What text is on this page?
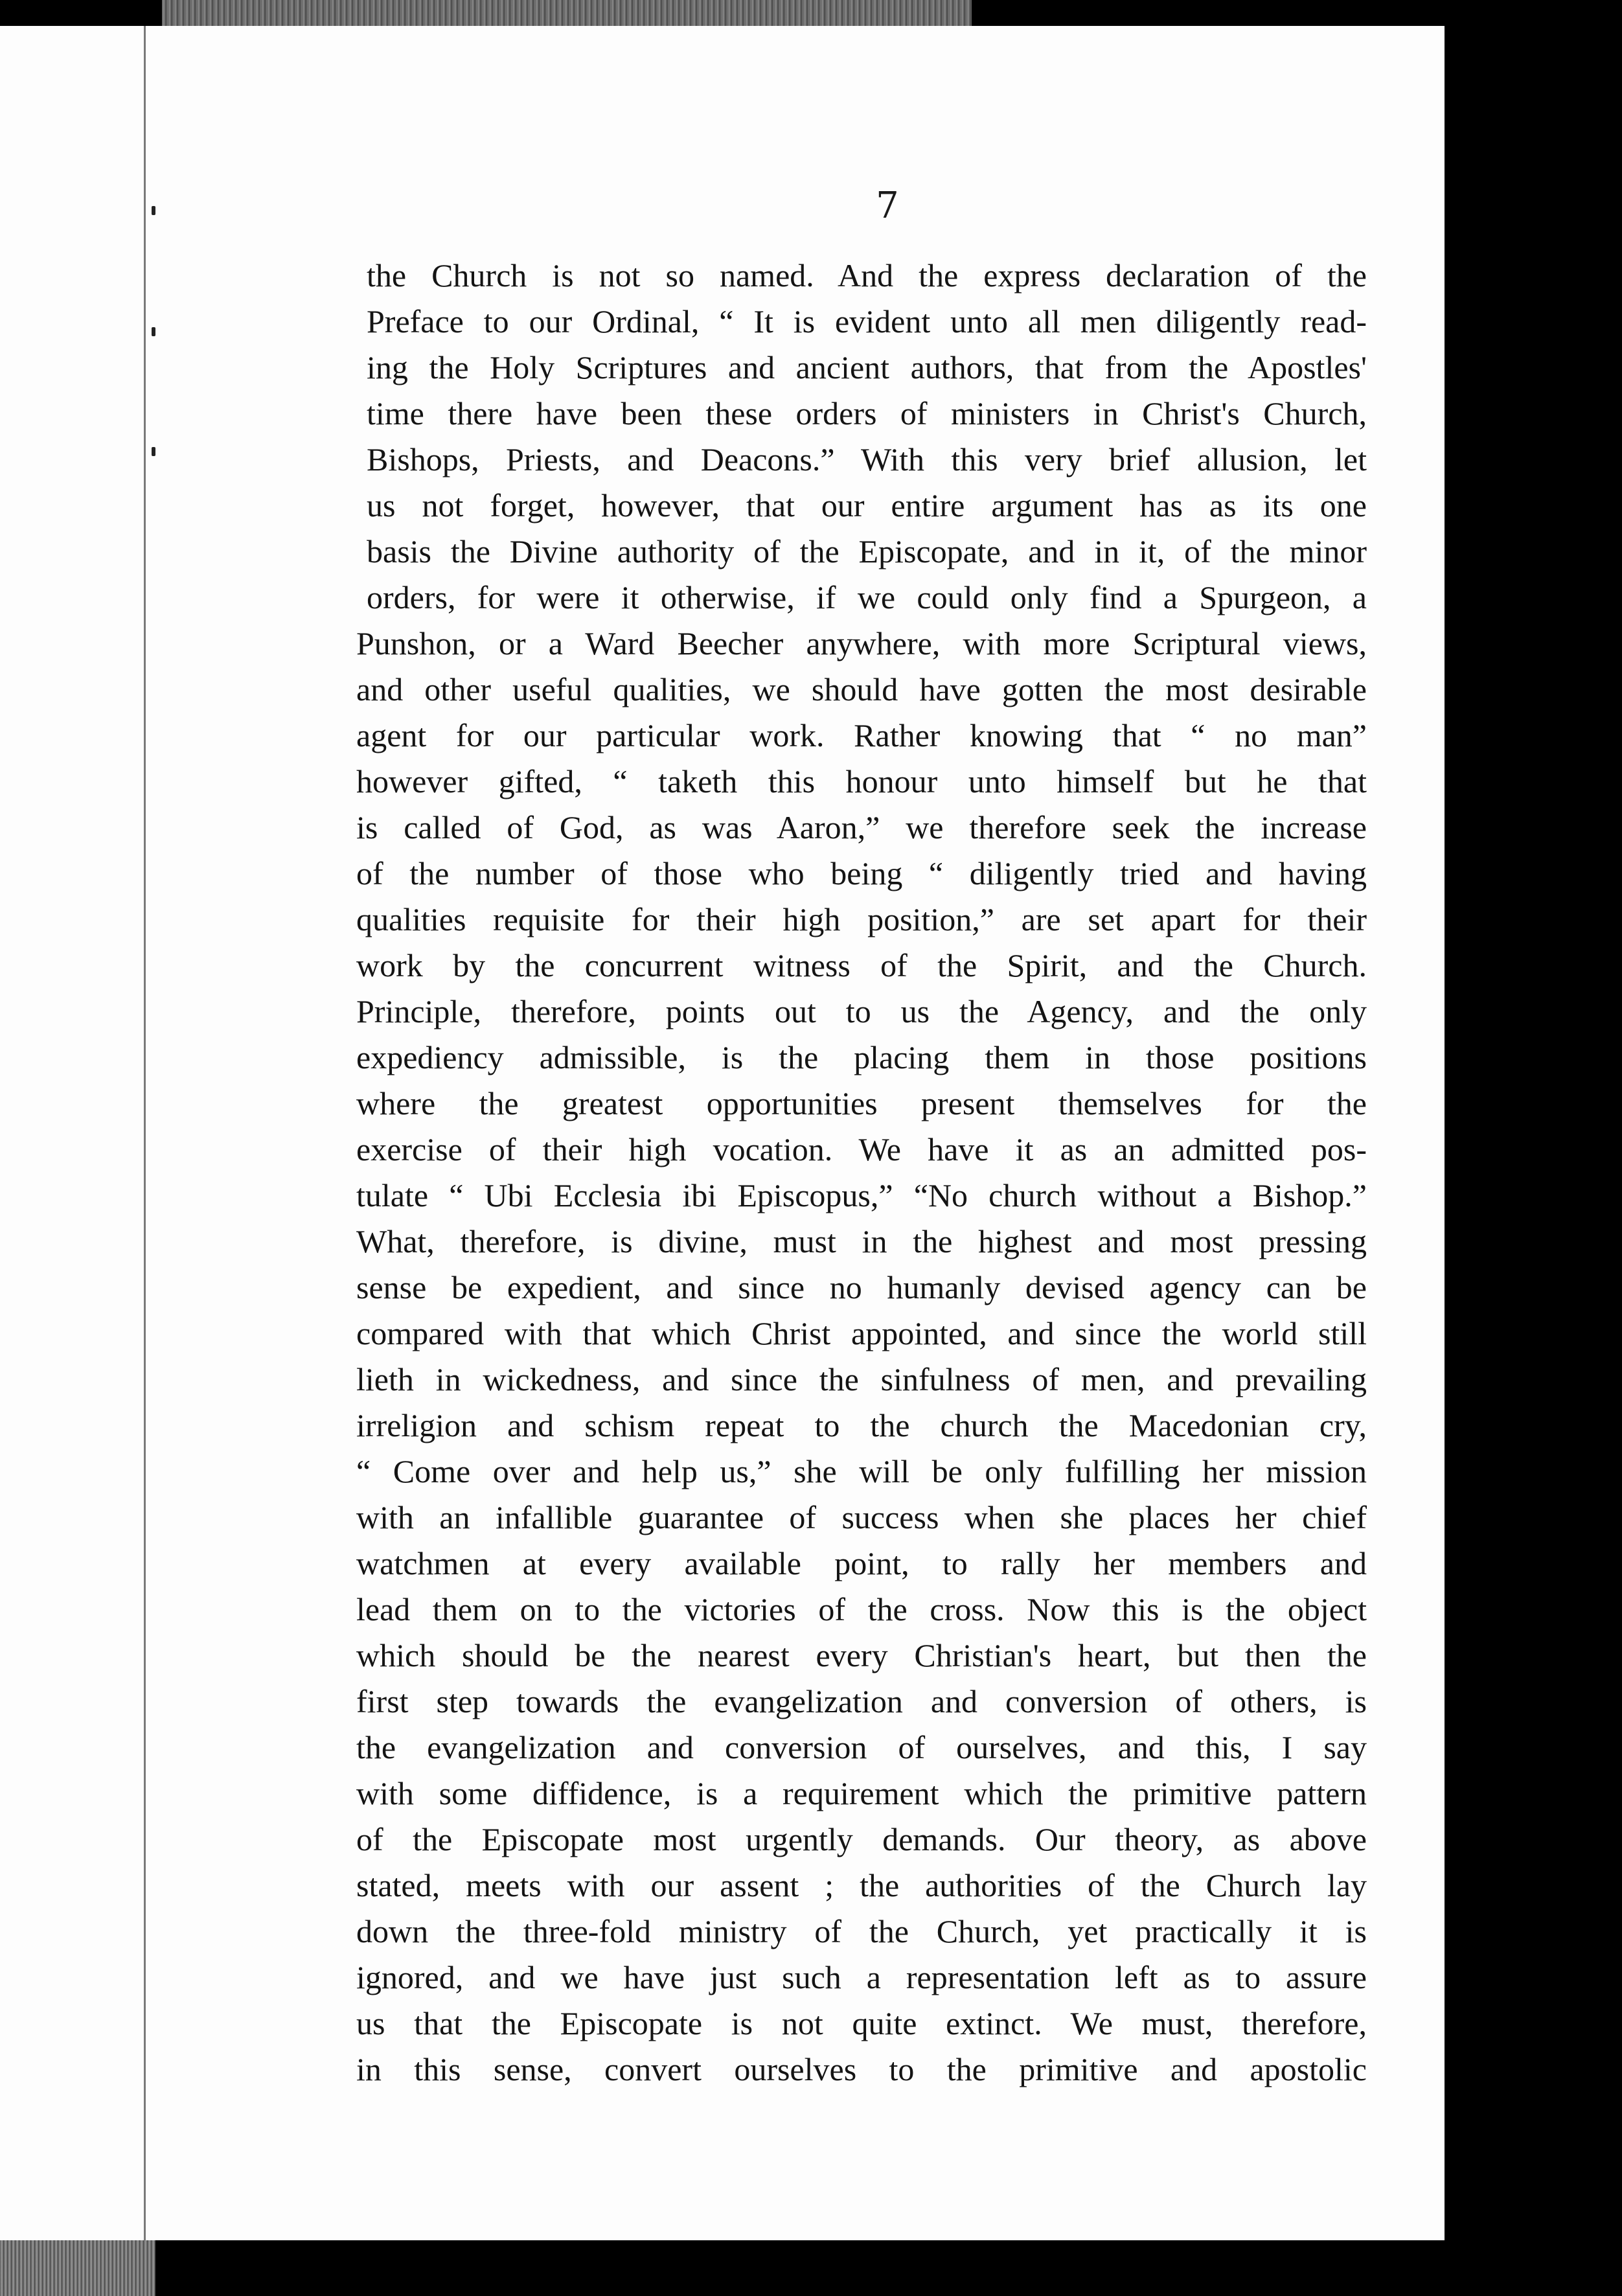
7
the Church is not so named. And the express declaration of the
Preface to our Ordinal, “ It is evident unto all men diligently read-
ing the Holy Scriptures and ancient authors, that from the Apostles'
time there have been these orders of ministers in Christ's Church,
Bishops, Priests, and Deacons.” With this very brief allusion, let
us not forget, however, that our entire argument has as its one
basis the Divine authority of the Episcopate, and in it, of the minor
orders, for were it otherwise, if we could only find a Spurgeon, a
Punshon, or a Ward Beecher anywhere, with more Scriptural views,
and other useful qualities, we should have gotten the most desirable
agent for our particular work. Rather knowing that “ no man”
however gifted, “ taketh this honour unto himself but he that
is called of God, as was Aaron,” we therefore seek the increase
of the number of those who being “ diligently tried and having
qualities requisite for their high position,” are set apart for their
work by the concurrent witness of the Spirit, and the Church.
Principle, therefore, points out to us the Agency, and the only
expediency admissible, is the placing them in those positions
where the greatest opportunities present themselves for the
exercise of their high vocation. We have it as an admitted pos-
tulate “ Ubi Ecclesia ibi Episcopus,” “No church without a Bishop.”
What, therefore, is divine, must in the highest and most pressing
sense be expedient, and since no humanly devised agency can be
compared with that which Christ appointed, and since the world still
lieth in wickedness, and since the sinfulness of men, and prevailing
irreligion and schism repeat to the church the Macedonian cry,
“ Come over and help us,” she will be only fulfilling her mission
with an infallible guarantee of success when she places her chief
watchmen at every available point, to rally her members and
lead them on to the victories of the cross. Now this is the object
which should be the nearest every Christian's heart, but then the
first step towards the evangelization and conversion of others, is
the evangelization and conversion of ourselves, and this, I say
with some diffidence, is a requirement which the primitive pattern
of the Episcopate most urgently demands. Our theory, as above
stated, meets with our assent ; the authorities of the Church lay
down the three-fold ministry of the Church, yet practically it is
ignored, and we have just such a representation left as to assure
us that the Episcopate is not quite extinct. We must, therefore,
in this sense, convert ourselves to the primitive and apostolic
